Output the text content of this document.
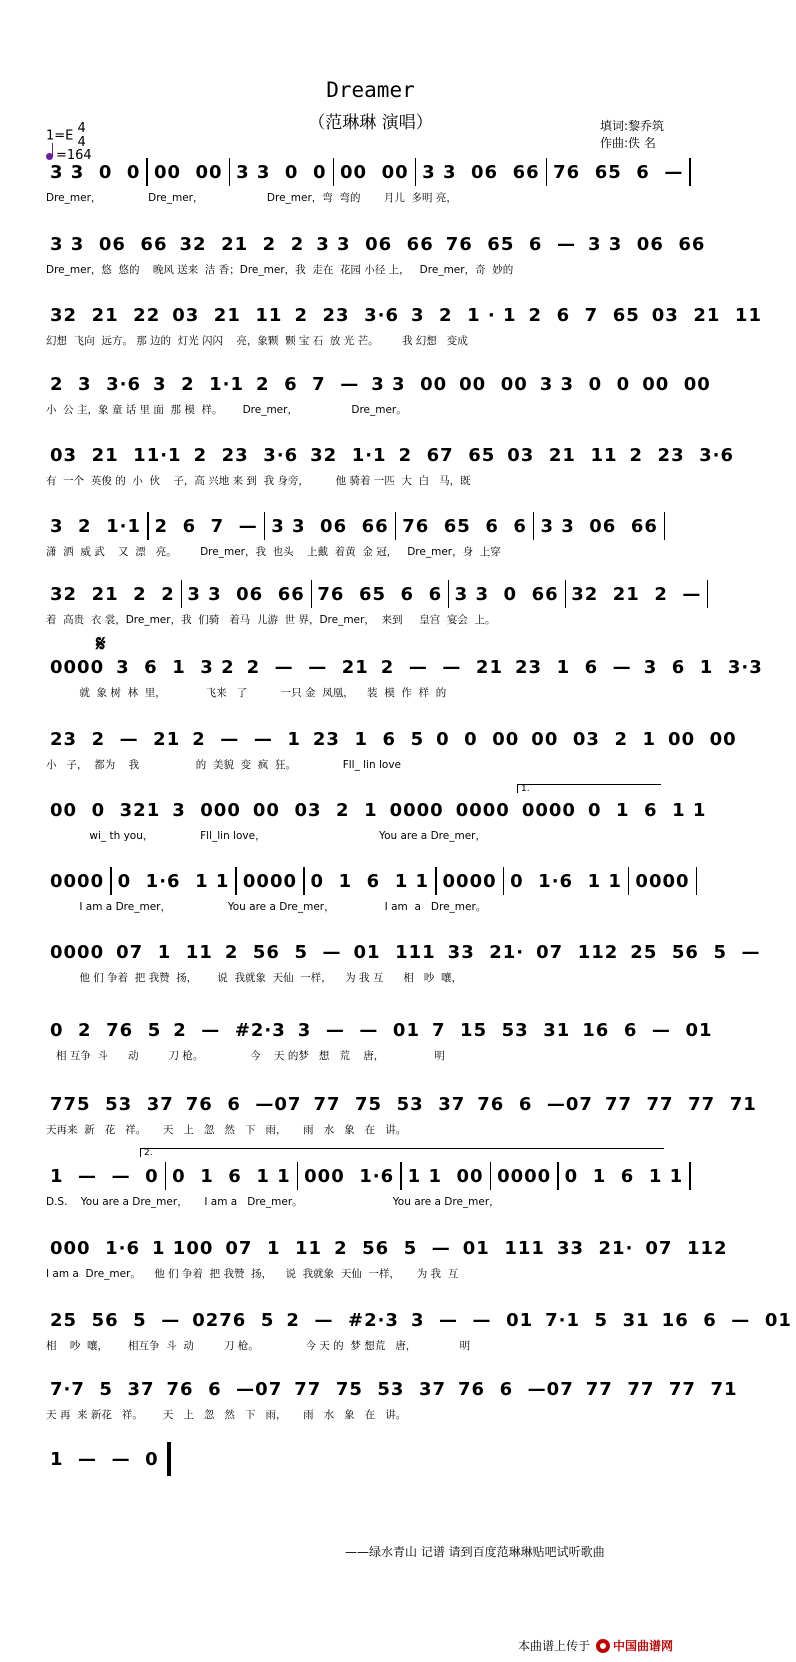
Dreamer
（范琳琳 演唱）
1=E 4
4
=164
填词:黎乔筑
作曲:佚 名
3 3  0  0 00  00 3 3  0  0 00  00 3 3  06  66 76  65  6  —
Dre_mer，              Dre_mer，                   Dre_mer，弯  弯的       月儿  多明 亮，
3 3  06  66 32  21  2  2 3 3  06  66 76  65  6  — 3 3  06  66
Dre_mer，悠  悠的    晚风 送来  洁 香；Dre_mer，我  走在  花园 小径 上，   Dre_mer，奇  妙的
32  21  22 03  21  11 2  23  3·6 3  2  1 · 1 2  6  7  65 03  21  11
幻想  飞向  远方。 那 边的  灯光 闪闪    亮，象颗  颗 宝 石  放 光 芒。       我 幻想   变成
2  3  3·6 3  2  1·1 2  6  7  — 3 3  00 00  00 3 3  0  0 00  00
小  公 主，象 童 话 里 面  那 模  样。      Dre_mer，                Dre_mer。
03  21  11·1 2  23  3·6 32  1·1 2  67  65 03  21  11 2  23  3·6
有  一个  英俊 的  小  伙    子，高 兴地 来 到  我 身旁，        他 骑着 一匹  大  白   马，既
3  2  1·1 2  6  7  — 3 3  06  66 76  65  6  6 3 3  06  66
潇  洒  威 武    又  漂   亮。       Dre_mer，我  也头    上戴  着黄  金 冠，   Dre_mer，身  上穿
32  21  2  2 3 3  06  66 76  65  6  6 3 3  0  66 32  21  2  —
着  高贵  衣 裳，Dre_mer，我  们骑   着马  儿游  世 界，Dre_mer，  来到     皇宫  宴会  上。
0000 3  6  1  3 2 2  —  —  21 2  —  —  21 23  1  6  — 3  6  1  3·3
就  象 树  林  里，            飞来   了          一只 金  凤凰，    装  模  作  样  的
23  2  —  21 2  —  —  1 23  1  6  5 0  0  00 00  03  2  1 00  00
小   子，  都为    我                 的  美貌  变  疯  狂。              Fll_ lin love
00  0  321 3  000 00  03  2  1 0000 0000 0000 0  1  6  1 1
wi_ th you，              Fll_lin love，                                  You are a Dre_mer，
0000 0  1·6  1 1 0000 0  1  6  1 1 0000 0  1·6  1 1 0000
I am a Dre_mer，                 You are a Dre_mer，               I am  a   Dre_mer。
0000 07  1  11 2  56  5  — 01  111 33  21· 07  112 25  56  5  —
他 们 争着  把 我赞  扬，      说  我就象  天仙  一样，    为 我 互      相   吵  嚷，
0  2  76  5 2  —  #2·3 3  —  —  01 7  15  53  31 16  6  —  01
相 互争  斗      动         刀 枪。              今    天 的梦   想   荒    唐，               明
775  53  37 76  6  —07 77  75  53  37 76  6  —07 77  77  77  71
天再来  新   花   祥。     天   上   忽   然   下   雨，     雨   水   象   在   讲。
1  —  —  0 0  1  6  1 1 000  1·6 1 1  00 0000 0  1  6  1 1
D.S.    You are a Dre_mer，     I am a   Dre_mer。                           You are a Dre_mer，
000  1·6 1 100 07  1  11 2  56  5  — 01  111 33  21· 07  112
I am a  Dre_mer。    他 们 争着  把 我赞  扬，    说  我就象  天仙  一样，     为 我  互
25  56  5  — 0276  5 2  —  #2·3 3  —  —  01 7·1  5  31 16  6  —  01
相    吵  嚷，      相互争  斗  动         刀 枪。              今 天 的  梦 想荒   唐，             明
7·7  5  37 76  6  —07 77  75  53  37 76  6  —07 77  77  77  71
天 再  来 新花   祥。      天   上   忽   然   下   雨，     雨   水   象   在   讲。
1  —  —  0
1.
2.
𝄋
——绿水青山 记谱 请到百度范琳琳贴吧试听歌曲
本曲谱上传于 中国曲谱网
